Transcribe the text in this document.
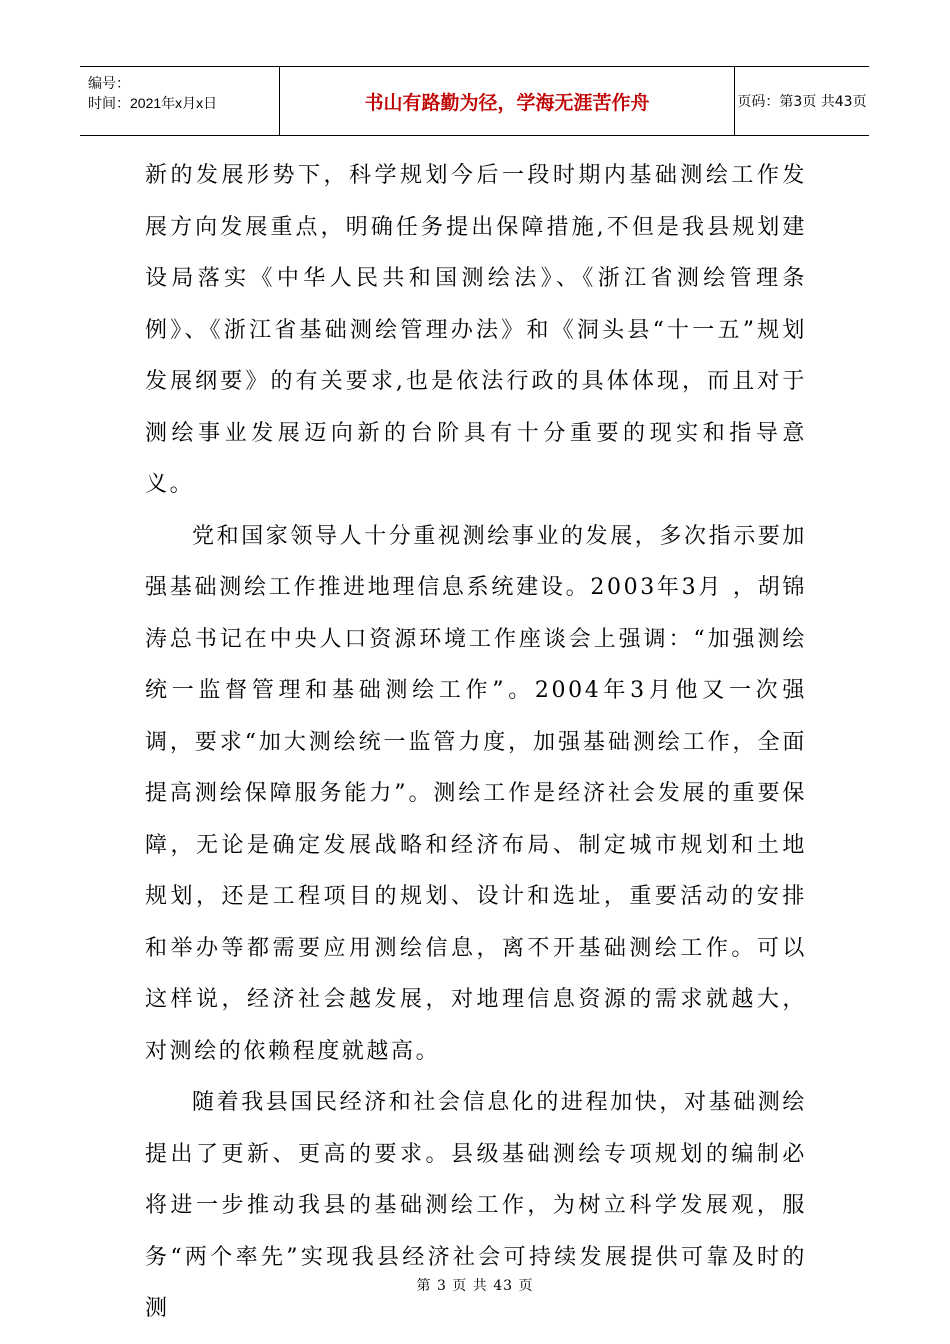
编号：
时间：2021年x月x日	书山有路勤为径，学海无涯苦作舟	页码：第3页 共43页

新的发展形势下，科学规划今后一段时期内基础测绘工作发展方向发展重点，明确任务提出保障措施,不但是我县规划建设局落实《中华人民共和国测绘法》、《浙江省测绘管理条例》、《浙江省基础测绘管理办法》和《洞头县“十一五”规划发展纲要》的有关要求,也是依法行政的具体体现，而且对于测绘事业发展迈向新的台阶具有十分重要的现实和指导意义。

党和国家领导人十分重视测绘事业的发展，多次指示要加强基础测绘工作推进地理信息系统建设。2003年3月 ，胡锦涛总书记在中央人口资源环境工作座谈会上强调：“加强测绘统一监督管理和基础测绘工作”。2004年3月他又一次强调，要求“加大测绘统一监管力度，加强基础测绘工作，全面提高测绘保障服务能力”。测绘工作是经济社会发展的重要保障，无论是确定发展战略和经济布局、制定城市规划和土地规划，还是工程项目的规划、设计和选址，重要活动的安排和举办等都需要应用测绘信息，离不开基础测绘工作。可以这样说，经济社会越发展，对地理信息资源的需求就越大，对测绘的依赖程度就越高。

随着我县国民经济和社会信息化的进程加快，对基础测绘提出了更新、更高的要求。县级基础测绘专项规划的编制必将进一步推动我县的基础测绘工作，为树立科学发展观，服务“两个率先”实现我县经济社会可持续发展提供可靠及时的测

第 3 页 共 43 页
